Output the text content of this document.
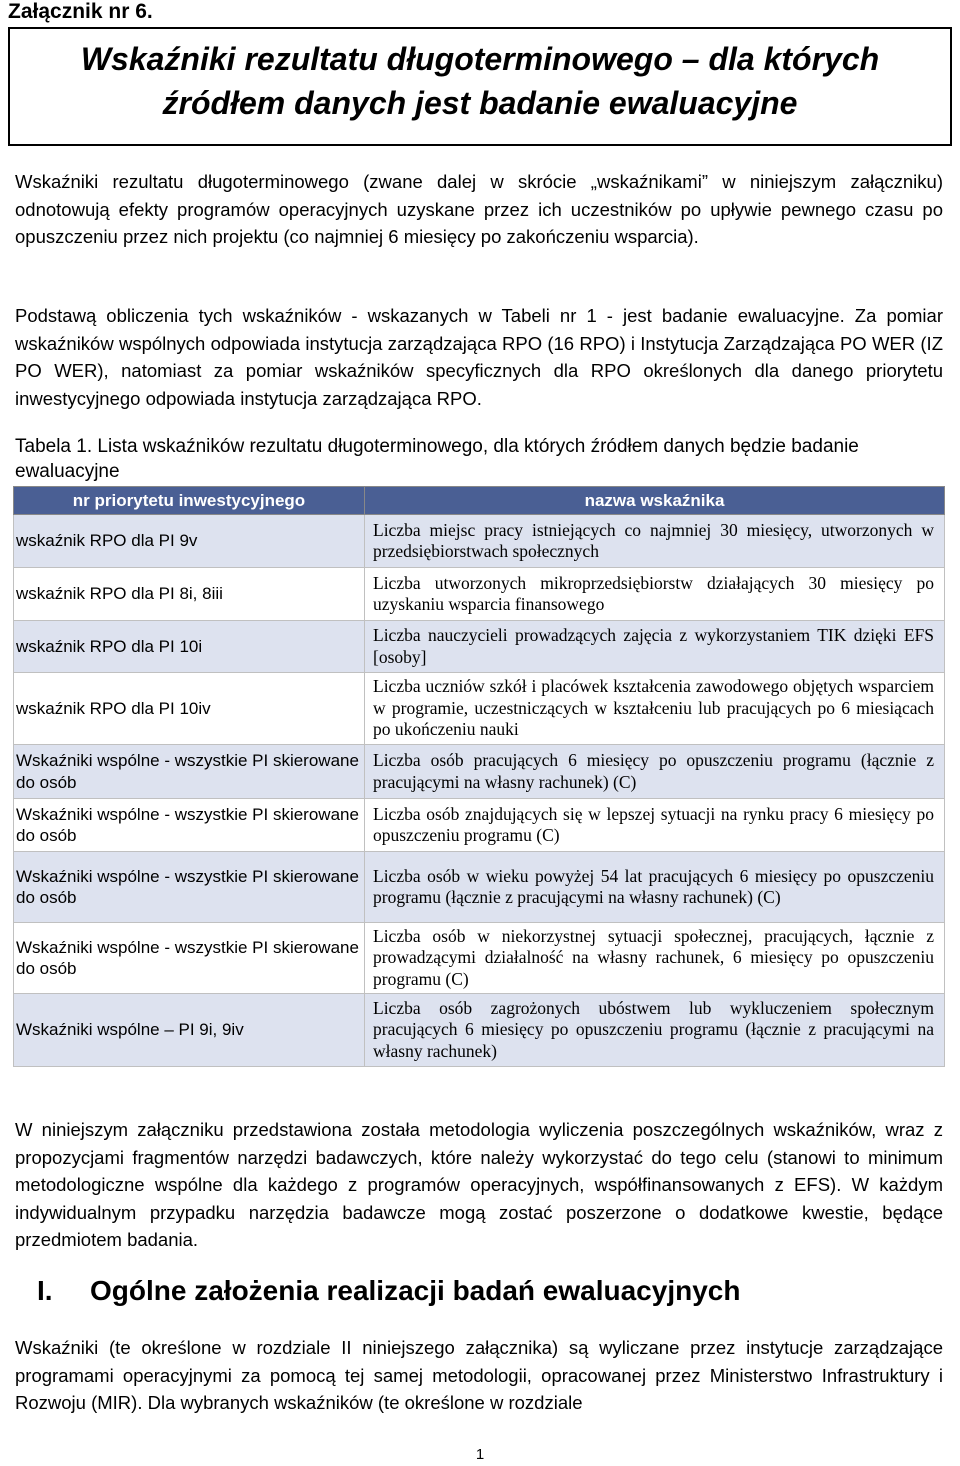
Załącznik nr 6.
Wskaźniki rezultatu długoterminowego – dla których
źródłem danych jest badanie ewaluacyjne
Wskaźniki rezultatu długoterminowego (zwane dalej w skrócie „wskaźnikami” w niniejszym załączniku) odnotowują efekty programów operacyjnych uzyskane przez ich uczestników po upływie pewnego czasu po opuszczeniu przez nich projektu (co najmniej 6 miesięcy po zakończeniu wsparcia).
Podstawą obliczenia tych wskaźników - wskazanych w Tabeli nr 1 - jest badanie ewaluacyjne. Za pomiar wskaźników wspólnych odpowiada instytucja zarządzająca RPO (16 RPO) i Instytucja Zarządzająca PO WER (IZ PO WER), natomiast za pomiar wskaźników specyficznych dla RPO określonych dla danego priorytetu inwestycyjnego odpowiada instytucja zarządzająca RPO.
Tabela 1. Lista wskaźników rezultatu długoterminowego, dla których źródłem danych będzie badanie ewaluacyjne
nr priorytetu inwestycyjnego	nazwa wskaźnika
wskaźnik RPO dla PI 9v	Liczba miejsc pracy istniejących co najmniej 30 miesięcy, utworzonych w przedsiębiorstwach społecznych
wskaźnik RPO dla PI 8i, 8iii	Liczba utworzonych mikroprzedsiębiorstw działających 30 miesięcy po uzyskaniu wsparcia finansowego
wskaźnik RPO dla PI 10i	Liczba nauczycieli prowadzących zajęcia z wykorzystaniem TIK dzięki EFS [osoby]
wskaźnik RPO dla PI 10iv	Liczba uczniów szkół i placówek kształcenia zawodowego objętych wsparciem w programie, uczestniczących w kształceniu lub pracujących po 6 miesiącach po ukończeniu nauki
Wskaźniki wspólne - wszystkie PI skierowane do osób	Liczba osób pracujących 6 miesięcy po opuszczeniu programu (łącznie z pracującymi na własny rachunek) (C)
Wskaźniki wspólne - wszystkie PI skierowane do osób	Liczba osób znajdujących się w lepszej sytuacji na rynku pracy 6 miesięcy po opuszczeniu programu (C)
Wskaźniki wspólne - wszystkie PI skierowane do osób	Liczba osób w wieku powyżej 54 lat pracujących 6 miesięcy po opuszczeniu programu (łącznie z pracującymi na własny rachunek) (C)
Wskaźniki wspólne - wszystkie PI skierowane do osób	Liczba osób w niekorzystnej sytuacji społecznej, pracujących, łącznie z prowadzącymi działalność na własny rachunek, 6 miesięcy po opuszczeniu programu (C)
Wskaźniki wspólne – PI 9i, 9iv	Liczba osób zagrożonych ubóstwem lub wykluczeniem społecznym pracujących 6 miesięcy po opuszczeniu programu (łącznie z pracującymi na własny rachunek)
W niniejszym załączniku przedstawiona została metodologia wyliczenia poszczególnych wskaźników, wraz z propozycjami fragmentów narzędzi badawczych, które należy wykorzystać do tego celu (stanowi to minimum metodologiczne wspólne dla każdego z programów operacyjnych, współfinansowanych z EFS). W każdym indywidualnym przypadku narzędzia badawcze mogą zostać poszerzone o dodatkowe kwestie, będące przedmiotem badania.
I. Ogólne założenia realizacji badań ewaluacyjnych
Wskaźniki (te określone w rozdziale II niniejszego załącznika) są wyliczane przez instytucje zarządzające programami operacyjnymi za pomocą tej samej metodologii, opracowanej przez Ministerstwo Infrastruktury i Rozwoju (MIR). Dla wybranych wskaźników (te określone w rozdziale
1
